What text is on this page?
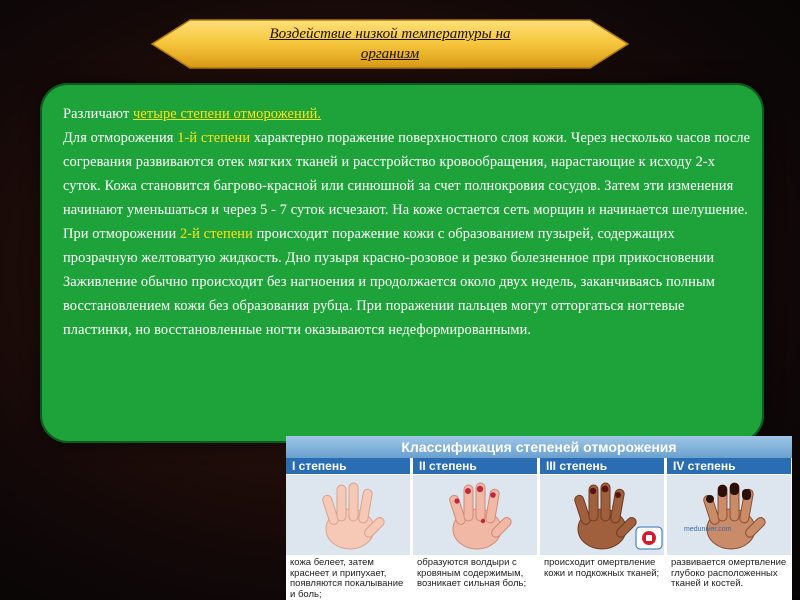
Воздействие низкой температуры на
организм

Различают четыре степени отморожений.

Для отморожения 1-й степени характерно поражение поверхностного слоя кожи. Через несколько часов после согревания развиваются отек мягких тканей и расстройство кровообращения, нарастающие к исходу 2-х суток. Кожа становится багрово-красной или синюшной за счет полнокровия сосудов. Затем эти изменения начинают уменьшаться и через 5 - 7 суток исчезают. На коже остается сеть морщин и начинается шелушение.

При отморожении 2-й степени происходит поражение кожи с образованием пузырей, содержащих прозрачную желтоватую жидкость. Дно пузыря красно-розовое и резко болезненное при прикосновении Заживление обычно происходит без нагноения и продолжается около двух недель, заканчиваясь полным восстановлением кожи без образования рубца. При поражении пальцев могут отторгаться ногтевые пластинки, но восстановленные ногти оказываются недеформированными.

Классификация степеней отморожения
I степень
кожа белеет, затем краснеет и припухает, появляются покалывание и боль;
II степень
образуются волдыри с кровяным содержимым, возникает сильная боль;
III степень
происходит омертвление кожи и подкожных тканей;
IV степень
развивается омертвление глубоко расположенных тканей и костей.
meduniver.com
